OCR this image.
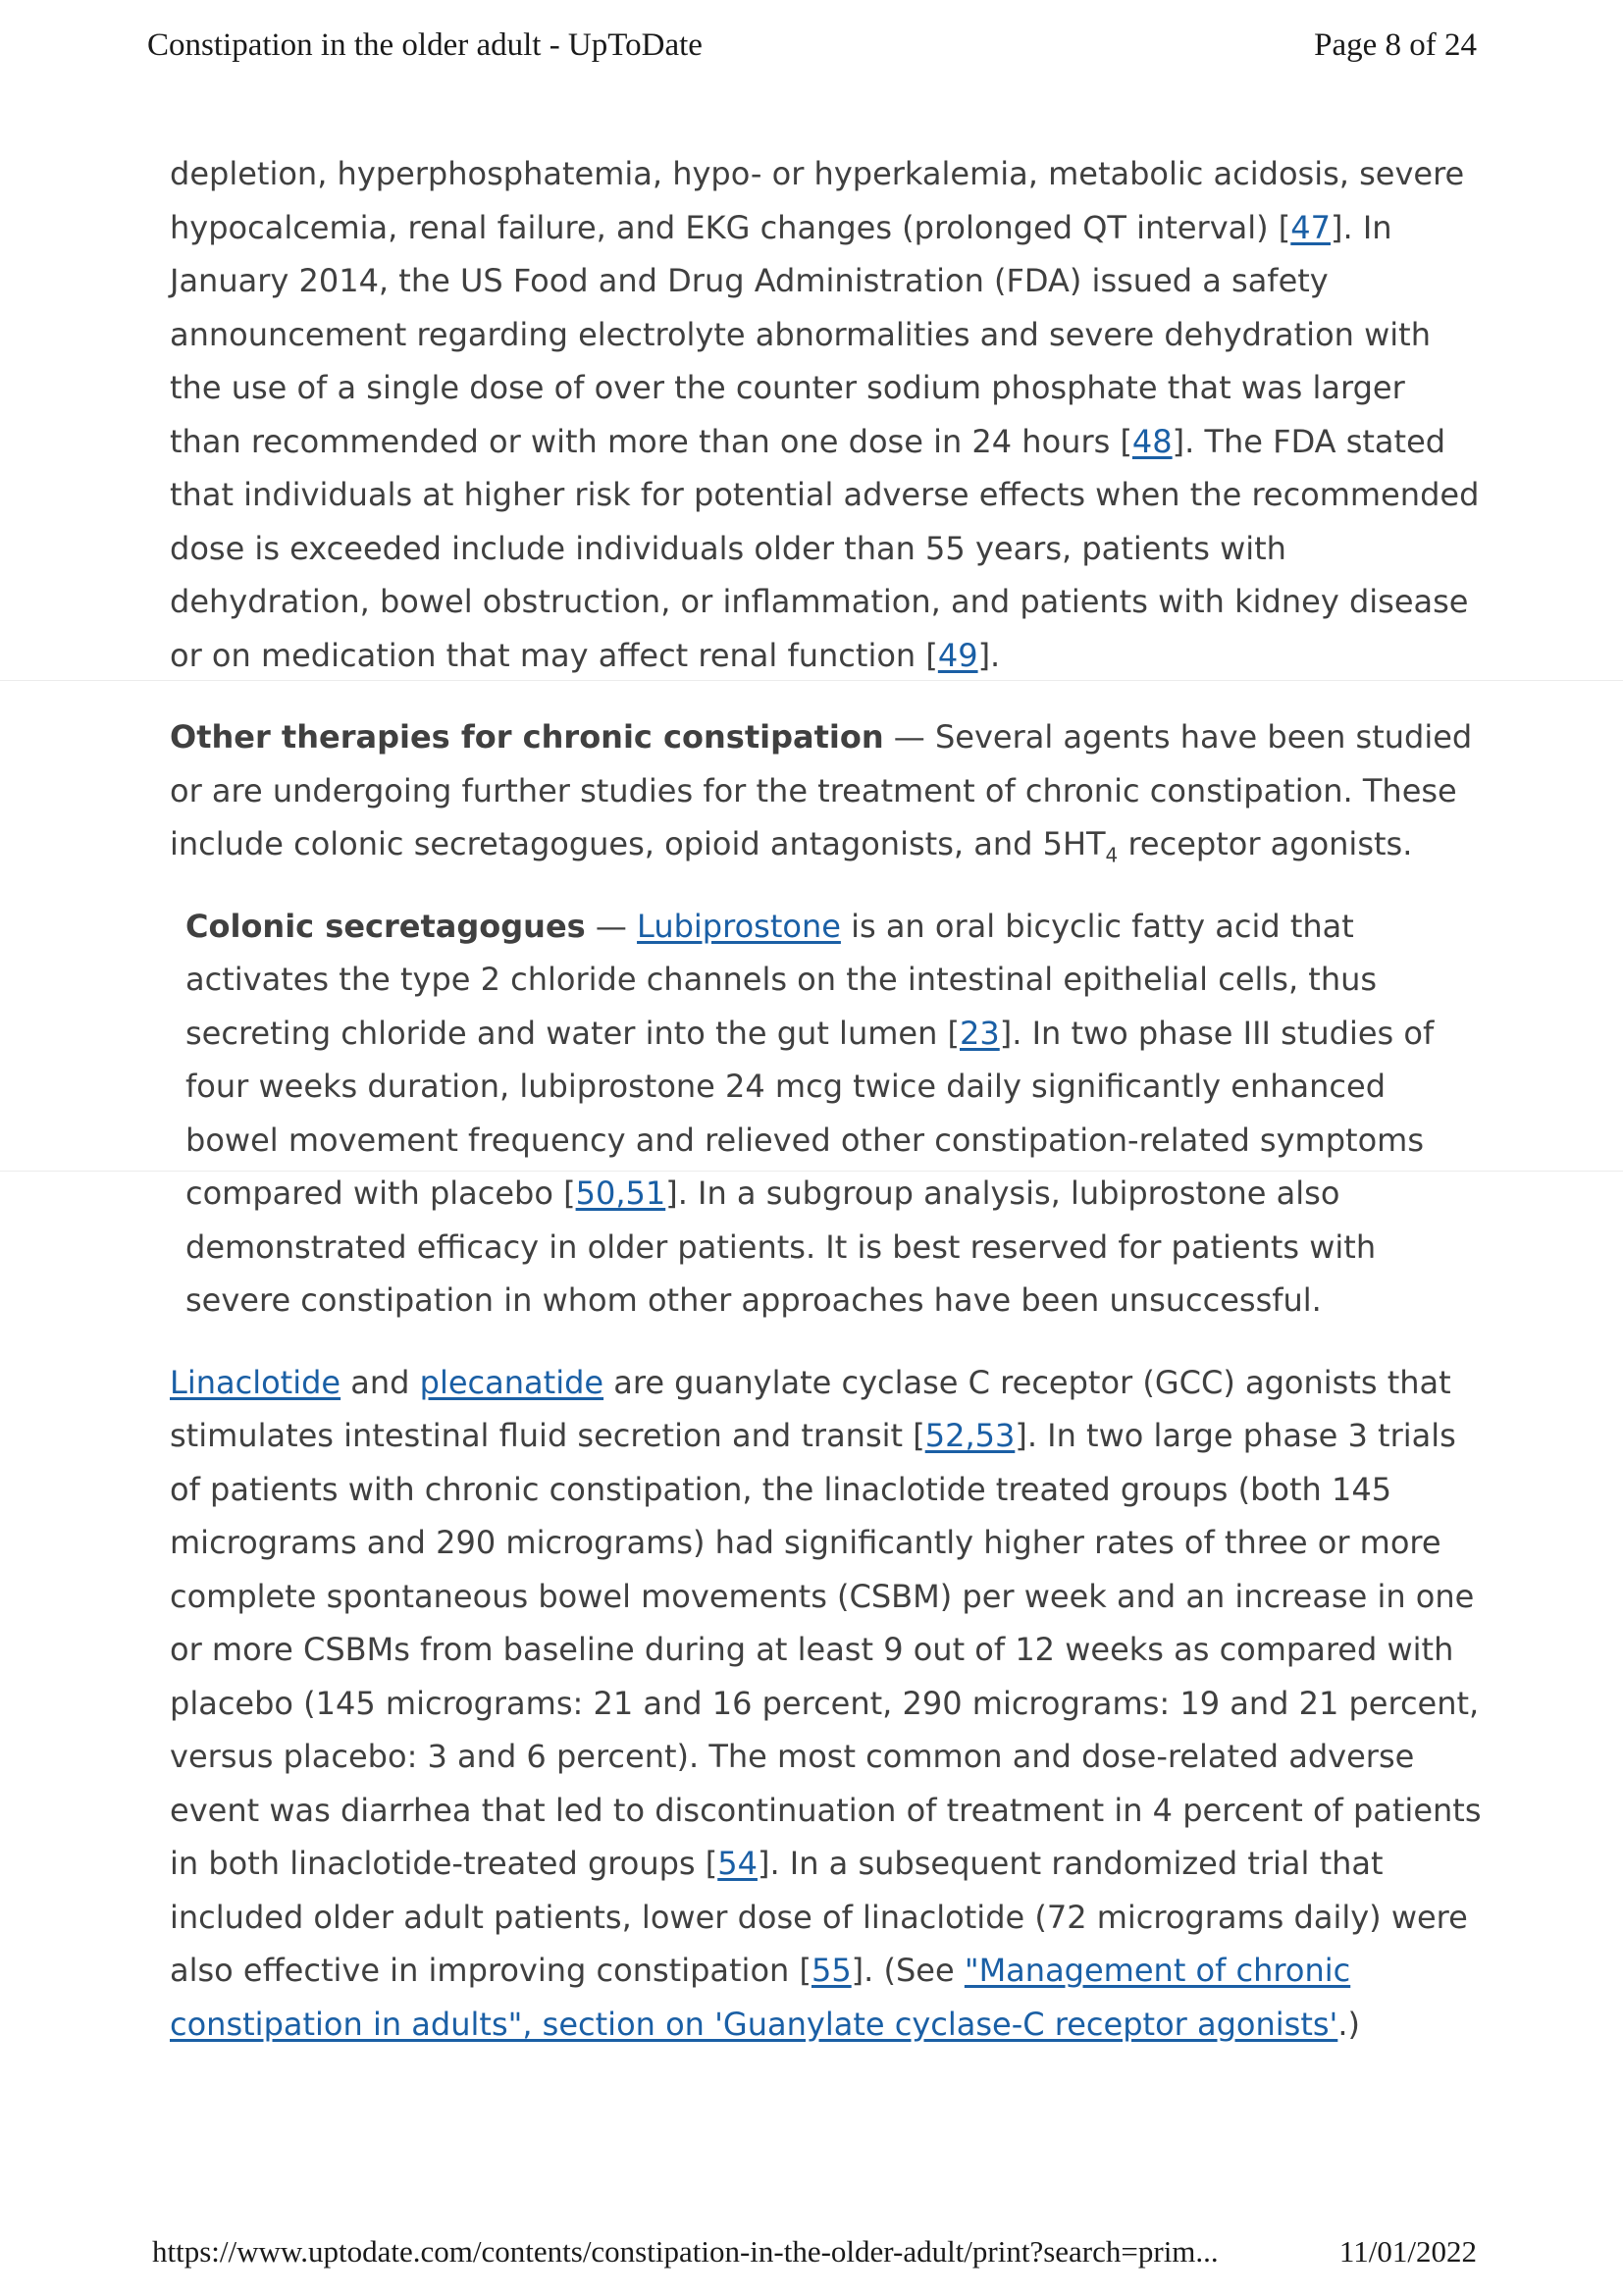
Constipation in the older adult - UpToDate	Page 8 of 24

depletion, hyperphosphatemia, hypo- or hyperkalemia, metabolic acidosis, severe hypocalcemia, renal failure, and EKG changes (prolonged QT interval) [47]. In January 2014, the US Food and Drug Administration (FDA) issued a safety announcement regarding electrolyte abnormalities and severe dehydration with the use of a single dose of over the counter sodium phosphate that was larger than recommended or with more than one dose in 24 hours [48]. The FDA stated that individuals at higher risk for potential adverse effects when the recommended dose is exceeded include individuals older than 55 years, patients with dehydration, bowel obstruction, or inflammation, and patients with kidney disease or on medication that may affect renal function [49].

Other therapies for chronic constipation — Several agents have been studied or are undergoing further studies for the treatment of chronic constipation. These include colonic secretagogues, opioid antagonists, and $5HT_4$ receptor agonists.

Colonic secretagogues — Lubiprostone is an oral bicyclic fatty acid that activates the type 2 chloride channels on the intestinal epithelial cells, thus secreting chloride and water into the gut lumen [23]. In two phase III studies of four weeks duration, lubiprostone 24 mcg twice daily significantly enhanced bowel movement frequency and relieved other constipation-related symptoms compared with placebo [50,51]. In a subgroup analysis, lubiprostone also demonstrated efficacy in older patients. It is best reserved for patients with severe constipation in whom other approaches have been unsuccessful.

Linaclotide and plecanatide are guanylate cyclase C receptor (GCC) agonists that stimulates intestinal fluid secretion and transit [52,53]. In two large phase 3 trials of patients with chronic constipation, the linaclotide treated groups (both 145 micrograms and 290 micrograms) had significantly higher rates of three or more complete spontaneous bowel movements (CSBM) per week and an increase in one or more CSBMs from baseline during at least 9 out of 12 weeks as compared with placebo (145 micrograms: 21 and 16 percent, 290 micrograms: 19 and 21 percent, versus placebo: 3 and 6 percent). The most common and dose-related adverse event was diarrhea that led to discontinuation of treatment in 4 percent of patients in both linaclotide-treated groups [54]. In a subsequent randomized trial that included older adult patients, lower dose of linaclotide (72 micrograms daily) were also effective in improving constipation [55]. (See "Management of chronic constipation in adults", section on 'Guanylate cyclase-C receptor agonists'.)

https://www.uptodate.com/contents/constipation-in-the-older-adult/print?search=prim...	11/01/2022
